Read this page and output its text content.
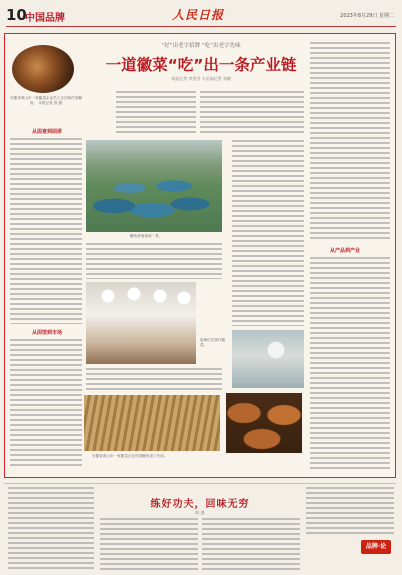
10
中国品牌	人民日报	2023年8月29日 星期二
安徽省黄山市一家徽菜企业员工正在制作臭鳜鱼。 本报记者 郑 摄
“好”出老字招牌 “吃”出老字先味
一道徽菜“吃”出一条产业链
本报记者 李金谷 人民网记者 刘晓
从面宴到面席
从面馆到市场
鳜鱼养殖基地一景。
厨师们在制作徽菜。
安徽省黄山市一家徽菜企业的臭鳜鱼加工车间。
从产品到产业
练好功夫，回味无穷
陈 盛
品牌·论
